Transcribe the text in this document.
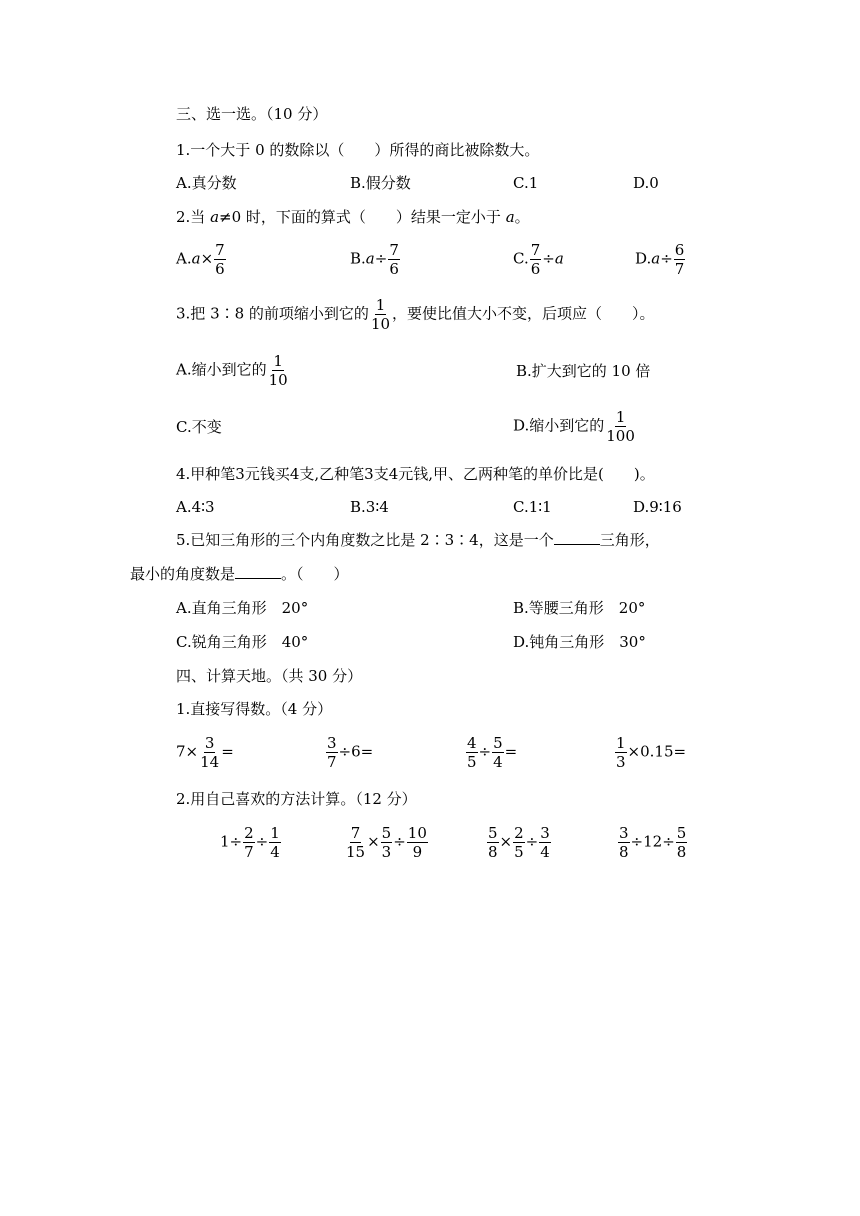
三、选一选。（10 分）
1.一个大于 0 的数除以（　　）所得的商比被除数大。
A.真分数	B.假分数	C.1	D.0
2.当 a≠0 时，下面的算式（　　）结果一定小于 a。
$A.a\times \frac{7}{6}$	$B.a\div \frac{7}{6}$	C. $\frac{7}{6} \div a$	$D.a\div \frac{6}{7}$
3.把 3∶8 的前项缩小到它的 $\frac{1}{10}$ ，要使比值大小不变，后项应（　　）。
A.缩小到它的 $\frac{1}{10}$	B.扩大到它的 10 倍
C.不变	D.缩小到它的 $\frac{1}{100}$
4.甲种笔3元钱买4支,乙种笔3支4元钱,甲、乙两种笔的单价比是(　　)。
A.4∶3	B.3∶4	C.1∶1	D.9∶16
5.已知三角形的三个内角度数之比是 2∶3∶4，这是一个	三角形，
最小的角度数是	。（　　）
A.直角三角形　20°	B.等腰三角形　20°
C.锐角三角形　40°	D.钝角三角形　30°
四、计算天地。（共 30 分）
1.直接写得数。（4 分）
$7\times \frac{3}{14}$ =	$\frac{3}{7} \div 6=$	$\frac{4}{5} \div \frac{5}{4}$ =	$\frac{1}{3} \times 0.15=$
2.用自己喜欢的方法计算。（12 分）
$1\div \frac{2}{7} \div \frac{1}{4}$	$\frac{7}{15} \times \frac{5}{3} \div \frac{10}{9}$	$\frac{5}{8} \times \frac{2}{5} \div \frac{3}{4}$	$\frac{3}{8} \div 12\div \frac{5}{8}$
